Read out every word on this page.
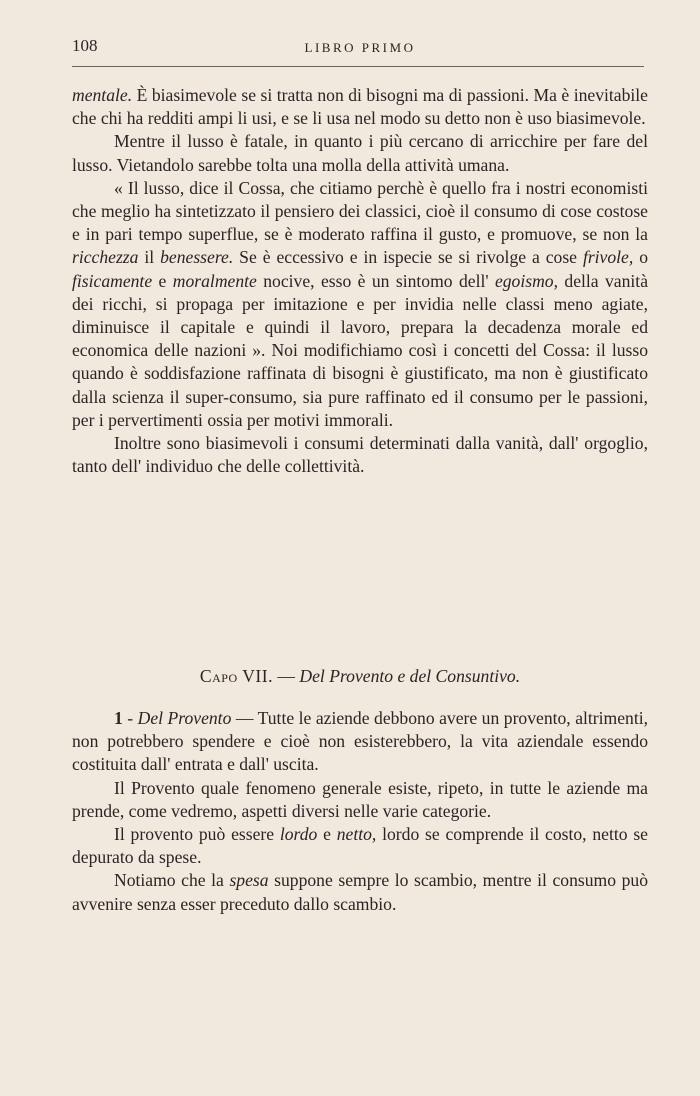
108	LIBRO PRIMO

mentale. È biasimevole se si tratta non di bisogni ma di passioni. Ma è inevitabile che chi ha redditi ampi li usi, e se li usa nel modo su detto non è uso biasimevole.

Mentre il lusso è fatale, in quanto i più cercano di arricchire per fare del lusso. Vietandolo sarebbe tolta una molla della attività umana.

« Il lusso, dice il Cossa, che citiamo perchè è quello fra i nostri economisti che meglio ha sintetizzato il pensiero dei classici, cioè il consumo di cose costose e in pari tempo superflue, se è moderato raffina il gusto, e promuove, se non la ricchezza il benessere. Se è eccessivo e in ispecie se si rivolge a cose frivole, o fisicamente e moralmente nocive, esso è un sintomo dell' egoismo, della vanità dei ricchi, si propaga per imitazione e per invidia nelle classi meno agiate, diminuisce il capitale e quindi il lavoro, prepara la decadenza morale ed economica delle nazioni ». Noi modifichiamo così i concetti del Cossa: il lusso quando è soddisfazione raffinata di bisogni è giustificato, ma non è giustificato dalla scienza il super-consumo, sia pure raffinato ed il consumo per le passioni, per i pervertimenti ossia per motivi immorali.

Inoltre sono biasimevoli i consumi determinati dalla vanità, dall' orgoglio, tanto dell' individuo che delle collettività.

Capo VII. — Del Provento e del Consuntivo.

1 - Del Provento — Tutte le aziende debbono avere un provento, altrimenti, non potrebbero spendere e cioè non esisterebbero, la vita aziendale essendo costituita dall' entrata e dall' uscita.

Il Provento quale fenomeno generale esiste, ripeto, in tutte le aziende ma prende, come vedremo, aspetti diversi nelle varie categorie.

Il provento può essere lordo e netto, lordo se comprende il costo, netto se depurato da spese.

Notiamo che la spesa suppone sempre lo scambio, mentre il consumo può avvenire senza esser preceduto dallo scambio.
